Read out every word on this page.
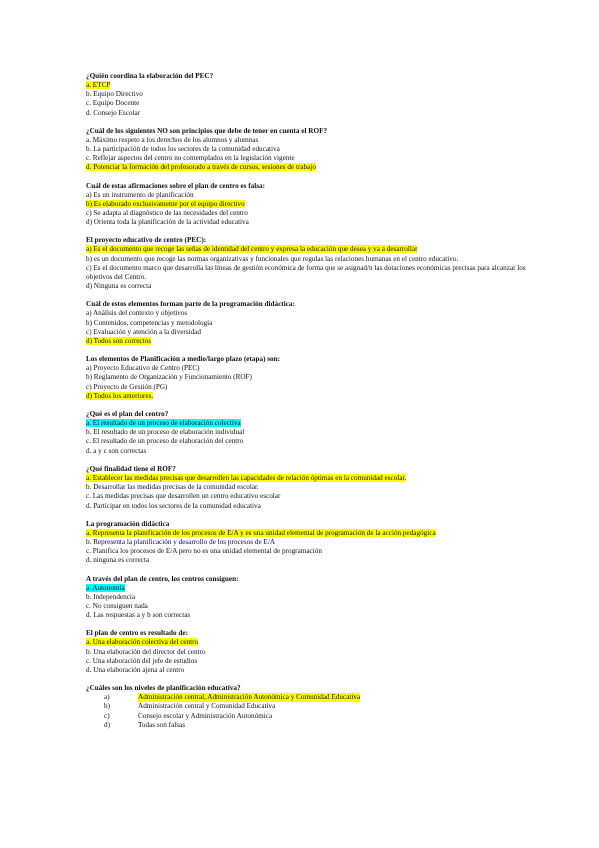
¿Quién coordina la elaboración del PEC?
a. ETCP
b. Equipo Directivo
c. Equipo Docente
d. Consejo Escolar
¿Cuál de los siguientes NO son principios que debe de tener en cuenta el ROF?
a. Máximo respeto a los derechos de los alumnos y alumnas
b. La participación de todos los sectores de la comunidad educativa
c. Reflejar aspectos del centro no contemplados en la legislación vigente
d. Potenciar la formación del profesorado a través de cursos, sesiones de trabajo
Cuál de estas afirmaciones sobre el plan de centro es falsa:
a) Es un instrumento de planificación
b) Es elaborado exclusivamente por el equipo directivo
c) Se adapta al diagnóstico de las necesidades del centro
d) Orienta toda la planificación de la actividad educativa
El proyecto educativo de centro (PEC):
a) Es el documento que recoge las señas de identidad del centro y expresa la educación que desea y va a desarrollar
b) es un documento que recoge las normas organizativas y funcionales que regulas las relaciones humanas en el centro educativo.
c) Es el documento marco que desarrolla las líneas de gestión económica de forma que se asignad/n las dotaciones económicas precisas para alcanzar los objetivos del Centro.
d) Ninguna es correcta
Cuál de estos elementos forman parte de la programación didáctica:
a) Análisis del contexto y objetivos
b) Contenidos, competencias y metodología
c) Evaluación y atención a la diversidad
d) Todos son correctos
Los elementos de Planificación a medio/largo plazo (etapa) son:
a) Proyecto Educativo de Centro (PEC)
b) Reglamento de Organización y Funcionamiento (ROF)
c) Proyecto de Gestión (PG)
d) Todos los anteriores.
¿Qué es el plan del centro?
a. El resultado de un proceso de elaboración colectiva
b. El resultado de un proceso de elaboración individual
c. El resultado de un proceso de elaboración del centro
d. a y c son correctas
¿Qué finalidad tiene el ROF?
a. Establecer las medidas precisas que desarrollen las capacidades de relación óptimas en la comunidad escolar.
b. Desarrollar las medidas precisas de la comunidad escolar.
c. Las medidas precisas que desarrollen un centro educativo escolar
d. Participar en todos los sectores de la comunidad educativa
La programación didáctica
a. Representa la planificación de los procesos de E/A y es una unidad elemental de programación de la acción pedagógica
b. Representa la planificación y desarrollo de los procesos de E/A
c. Planifica los procesos de E/A pero no es una unidad elemental de programación
d. ninguna es correcta
A través del plan de centro, los centros consiguen:
a. Autonomía
b. Independencia
c. No consiguen nada
d. Las respuestas a y b son correctas
El plan de centro es resultado de:
a. Una elaboración colectiva del centro
b. Una elaboración del director del centro
c. Una elaboración del jefe de estudios
d. Una elaboración ajena al centro
¿Cuáles son los niveles de planificación educativa?
a)	Administración central, Administración Autonómica y Comunidad Educativa
b)	Administración central y Comunidad Educativa
c)	Consejo escolar y Administración Autonómica
d)	Todas son falsas
